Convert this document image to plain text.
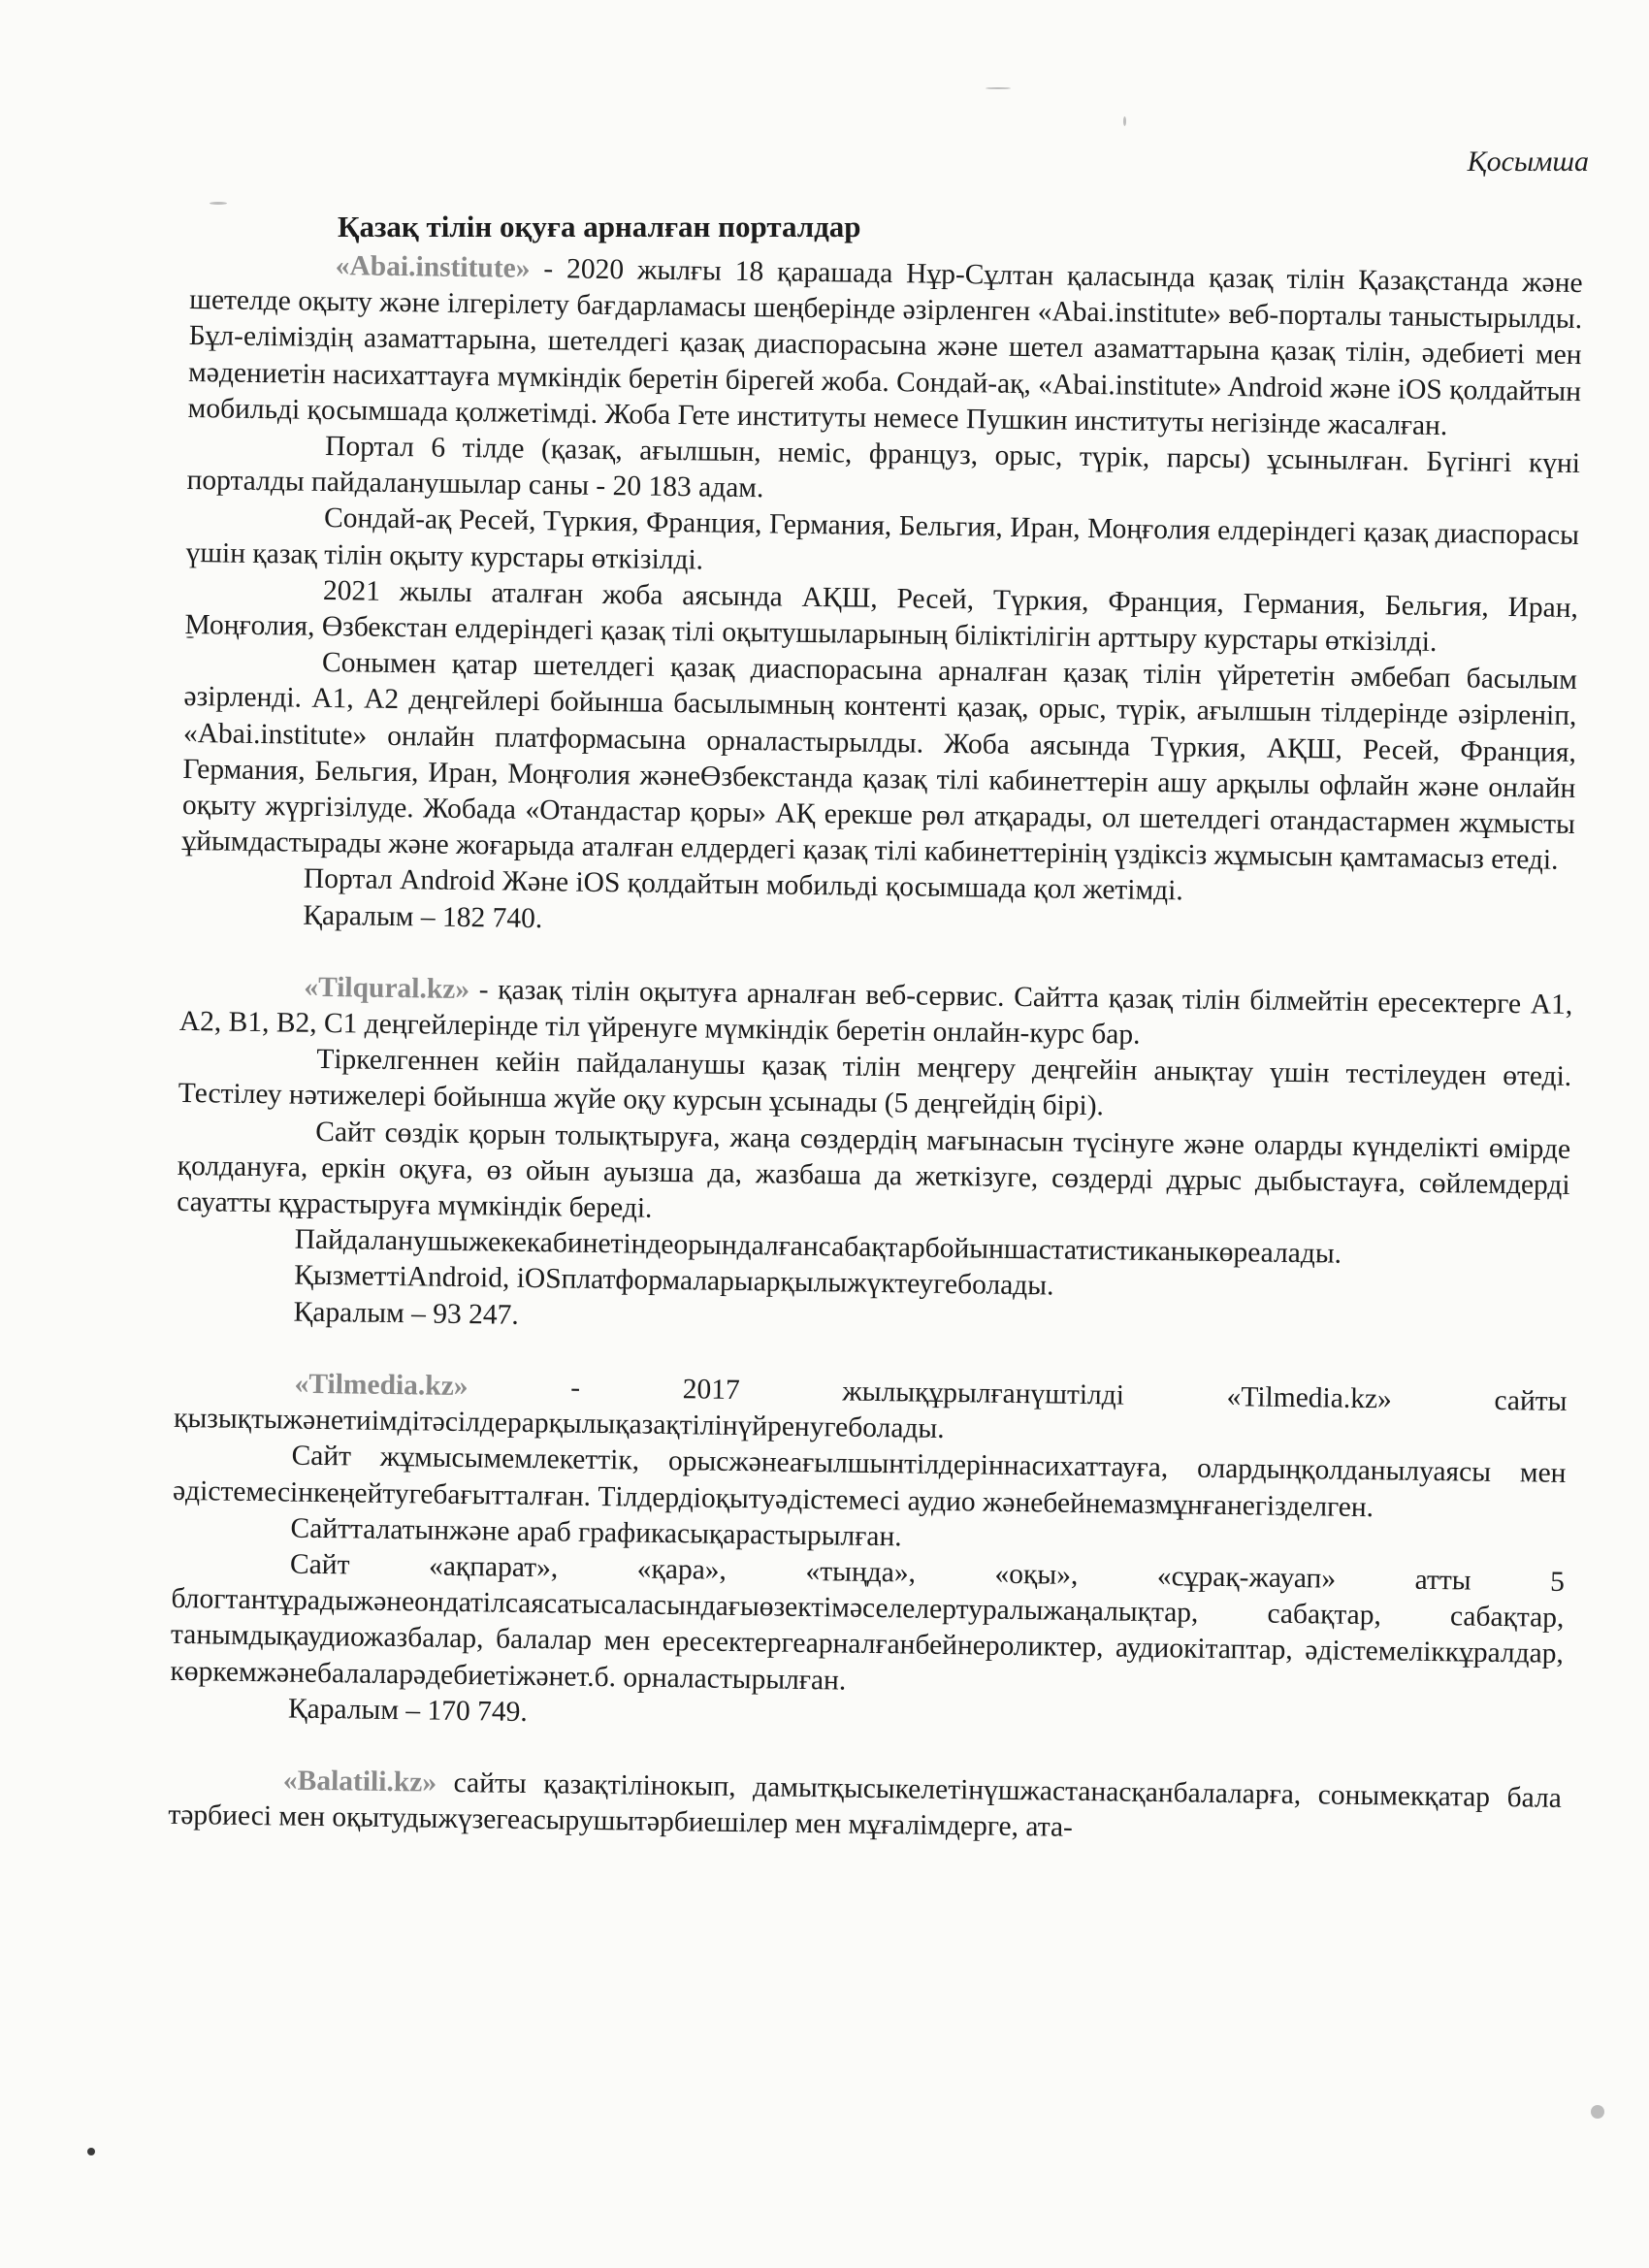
Қосымша

Қазақ тілін оқуға арналған порталдар

«Abai.institute» - 2020 жылғы 18 қарашада Нұр-Сұлтан қаласында қазақ тілін Қазақстанда және шетелде оқыту және ілгерілету бағдарламасы шеңберінде әзірленген «Abai.institute» веб-порталы таныстырылды. Бұл-еліміздің азаматтарына, шетелдегі қазақ диаспорасына және шетел азаматтарына қазақ тілін, әдебиеті мен мәдениетін насихаттауға мүмкіндік беретін бірегей жоба. Сондай-ақ, «Abai.institute» Android және iOS қолдайтын мобильді қосымшада қолжетімді. Жоба Гете институты немесе Пушкин институты негізінде жасалған.

Портал 6 тілде (қазақ, ағылшын, неміс, француз, орыс, түрік, парсы) ұсынылған. Бүгінгі күні порталды пайдаланушылар саны - 20 183 адам.

Сондай-ақ Ресей, Түркия, Франция, Германия, Бельгия, Иран, Моңғолия елдеріндегі қазақ диаспорасы үшін қазақ тілін оқыту курстары өткізілді.

2021 жылы аталған жоба аясында АҚШ, Ресей, Түркия, Франция, Германия, Бельгия, Иран, Моңғолия, Өзбекстан елдеріндегі қазақ тілі оқытушыларының біліктілігін арттыру курстары өткізілді.

Сонымен қатар шетелдегі қазақ диаспорасына арналған қазақ тілін үйрететін әмбебап басылым әзірленді. А1, А2 деңгейлері бойынша басылымның контенті қазақ, орыс, түрік, ағылшын тілдерінде әзірленіп, «Abai.institute» онлайн платформасына орналастырылды. Жоба аясында Түркия, АҚШ, Ресей, Франция, Германия, Бельгия, Иран, Моңғолия жәнеӨзбекстанда қазақ тілі кабинеттерін ашу арқылы офлайн және онлайн оқыту жүргізілуде. Жобада «Отандастар қоры» АҚ ерекше рөл атқарады, ол шетелдегі отандастармен жұмысты ұйымдастырады және жоғарыда аталған елдердегі қазақ тілі кабинеттерінің үздіксіз жұмысын қамтамасыз етеді.

Портал Android Және iOS қолдайтын мобильді қосымшада қол жетімді.

Қаралым – 182 740.

«Tilqural.kz» - қазақ тілін оқытуға арналған веб-сервис. Сайтта қазақ тілін білмейтін ересектерге А1, А2, В1, В2, С1 деңгейлерінде тіл үйренуге мүмкіндік беретін онлайн-курс бар.

Тіркелгеннен кейін пайдаланушы қазақ тілін меңгеру деңгейін анықтау үшін тестілеуден өтеді. Тестілеу нәтижелері бойынша жүйе оқу курсын ұсынады (5 деңгейдің бірі).

Сайт сөздік қорын толықтыруға, жаңа сөздердің мағынасын түсінуге және оларды күнделікті өмірде қолдануға, еркін оқуға, өз ойын ауызша да, жазбаша да жеткізуге, сөздерді дұрыс дыбыстауға, сөйлемдерді сауатты құрастыруға мүмкіндік береді.

Пайдаланушыжекекабинетіндеорындалғансабақтарбойыншастатистиканыкөреалады.

ҚызметтіAndroid, iOSплатформаларыарқылыжүктеугеболады.

Қаралым – 93 247.

«Tilmedia.kz» - 2017 жылықұрылғанүштілді «Tilmedia.kz» сайты қызықтыжәнетиімдітәсілдерарқылықазақтілінүйренугеболады.

Сайт жұмысымемлекеттік, орысжәнеағылшынтілдеріннасихаттауға, олардыңқолданылуаясы мен әдістемесінкеңейтугебағытталған. Тілдердіоқытуәдістемесі аудио жәнебейнемазмұнғанегізделген.

Сайтталатынжәне араб графикасықарастырылған.

Сайт «ақпарат», «қара», «тыңда», «оқы», «сұрақ-жауап» атты 5 блогтантұрадыжәнеондатілсаясатысаласындағыөзектімәселелертуралыжаңалықтар, сабақтар, сабақтар, танымдықаудиожазбалар, балалар мен ересектергеарналғанбейнероликтер, аудиокітаптар, әдістемеліккұралдар, көркемжәнебалаларәдебиетіжәнет.б. орналастырылған.

Қаралым – 170 749.

«Balatili.kz» сайты қазақтілінокып, дамытқысыкелетінүшжастанасқанбалаларға, сонымекқатар бала тәрбиесі мен оқытудыжүзегеасырушытәрбиешілер мен мұғалімдерге, ата-
